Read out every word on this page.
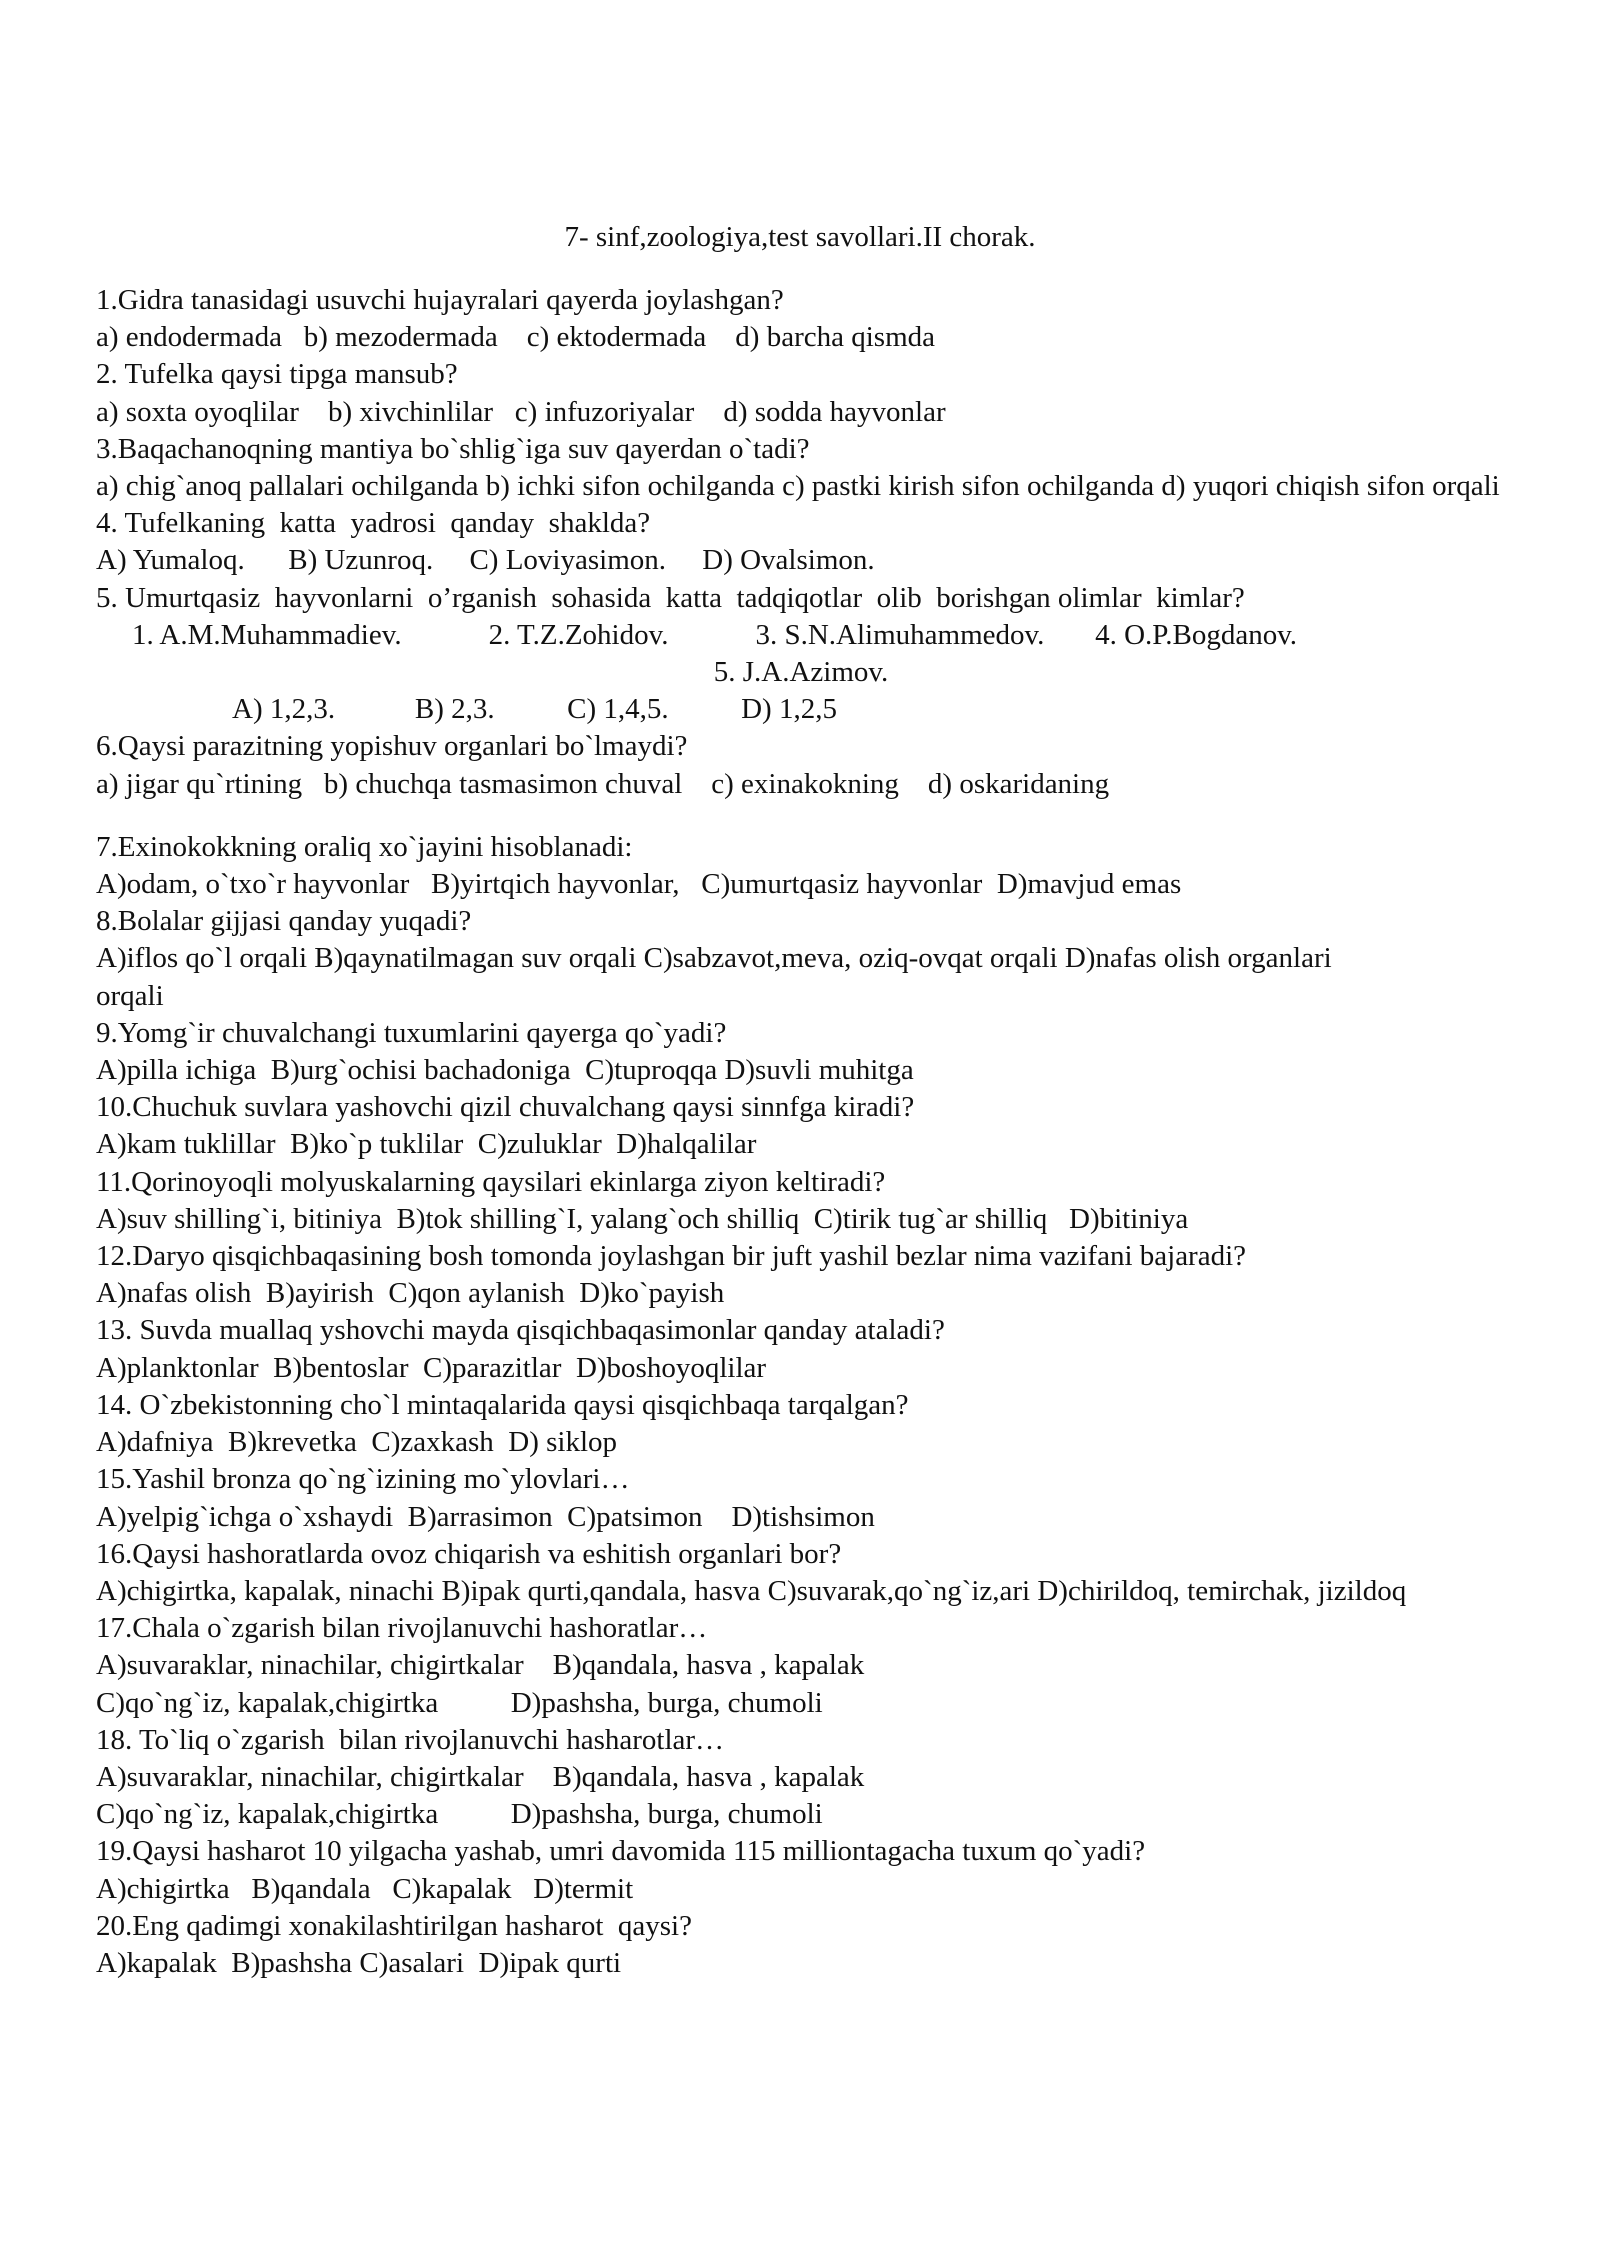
7- sinf,zoologiya,test savollari.II chorak.
1.Gidra tanasidagi usuvchi hujayralari qayerda joylashgan?
a) endodermada   b) mezodermada    c) ektodermada    d) barcha qismda
2. Tufelka qaysi tipga mansub?
a) soxta oyoqlilar    b) xivchinlilar   c) infuzoriyalar    d) sodda hayvonlar
3.Baqachanoqning mantiya bo`shlig`iga suv qayerdan o`tadi?
a) chig`anoq pallalari ochilganda b) ichki sifon ochilganda c) pastki kirish sifon ochilganda d) yuqori chiqish sifon orqali
4. Tufelkaning  katta  yadrosi  qanday  shaklda?
A) Yumaloq.      B) Uzunroq.     C) Loviyasimon.     D) Ovalsimon.
5. Umurtqasiz  hayvonlarni  o’rganish  sohasida  katta  tadqiqotlar  olib  borishgan olimlar  kimlar?
1. A.M.Muhammadiev.            2. T.Z.Zohidov.            3. S.N.Alimuhammedov.       4. O.P.Bogdanov.
5. J.A.Azimov.
A) 1,2,3.           B) 2,3.          C) 1,4,5.          D) 1,2,5
6.Qaysi parazitning yopishuv organlari bo`lmaydi?
a) jigar qu`rtining   b) chuchqa tasmasimon chuval    c) exinakokning    d) oskaridaning
7.Exinokokkning oraliq xo`jayini hisoblanadi:
A)odam, o`txo`r hayvonlar   B)yirtqich hayvonlar,   C)umurtqasiz hayvonlar  D)mavjud emas
8.Bolalar gijjasi qanday yuqadi?
A)iflos qo`l orqali B)qaynatilmagan suv orqali C)sabzavot,meva, oziq-ovqat orqali D)nafas olish organlari orqali
9.Yomg`ir chuvalchangi tuxumlarini qayerga qo`yadi?
A)pilla ichiga  B)urg`ochisi bachadoniga  C)tuproqqa D)suvli muhitga
10.Chuchuk suvlara yashovchi qizil chuvalchang qaysi sinnfga kiradi?
A)kam tuklillar  B)ko`p tuklilar  C)zuluklar  D)halqalilar
11.Qorinoyoqli molyuskalarning qaysilari ekinlarga ziyon keltiradi?
A)suv shilling`i, bitiniya  B)tok shilling`I, yalang`och shilliq  C)tirik tug`ar shilliq   D)bitiniya
12.Daryo qisqichbaqasining bosh tomonda joylashgan bir juft yashil bezlar nima vazifani bajaradi?
A)nafas olish  B)ayirish  C)qon aylanish  D)ko`payish
13. Suvda muallaq yshovchi mayda qisqichbaqasimonlar qanday ataladi?
A)planktonlar  B)bentoslar  C)parazitlar  D)boshoyoqlilar
14. O`zbekistonning cho`l mintaqalarida qaysi qisqichbaqa tarqalgan?
A)dafniya  B)krevetka  C)zaxkash  D) siklop
15.Yashil bronza qo`ng`izining mo`ylovlari…
A)yelpig`ichga o`xshaydi  B)arrasimon  C)patsimon    D)tishsimon
16.Qaysi hashoratlarda ovoz chiqarish va eshitish organlari bor?
A)chigirtka, kapalak, ninachi B)ipak qurti,qandala, hasva C)suvarak,qo`ng`iz,ari D)chirildoq, temirchak, jizildoq
17.Chala o`zgarish bilan rivojlanuvchi hashoratlar…
A)suvaraklar, ninachilar, chigirtkalar    B)qandala, hasva , kapalak
C)qo`ng`iz, kapalak,chigirtka          D)pashsha, burga, chumoli
18. To`liq o`zgarish  bilan rivojlanuvchi hasharotlar…
A)suvaraklar, ninachilar, chigirtkalar    B)qandala, hasva , kapalak
C)qo`ng`iz, kapalak,chigirtka          D)pashsha, burga, chumoli
19.Qaysi hasharot 10 yilgacha yashab, umri davomida 115 milliontagacha tuxum qo`yadi?
A)chigirtka   B)qandala   C)kapalak   D)termit
20.Eng qadimgi xonakilashtirilgan hasharot  qaysi?
A)kapalak  B)pashsha C)asalari  D)ipak qurti
